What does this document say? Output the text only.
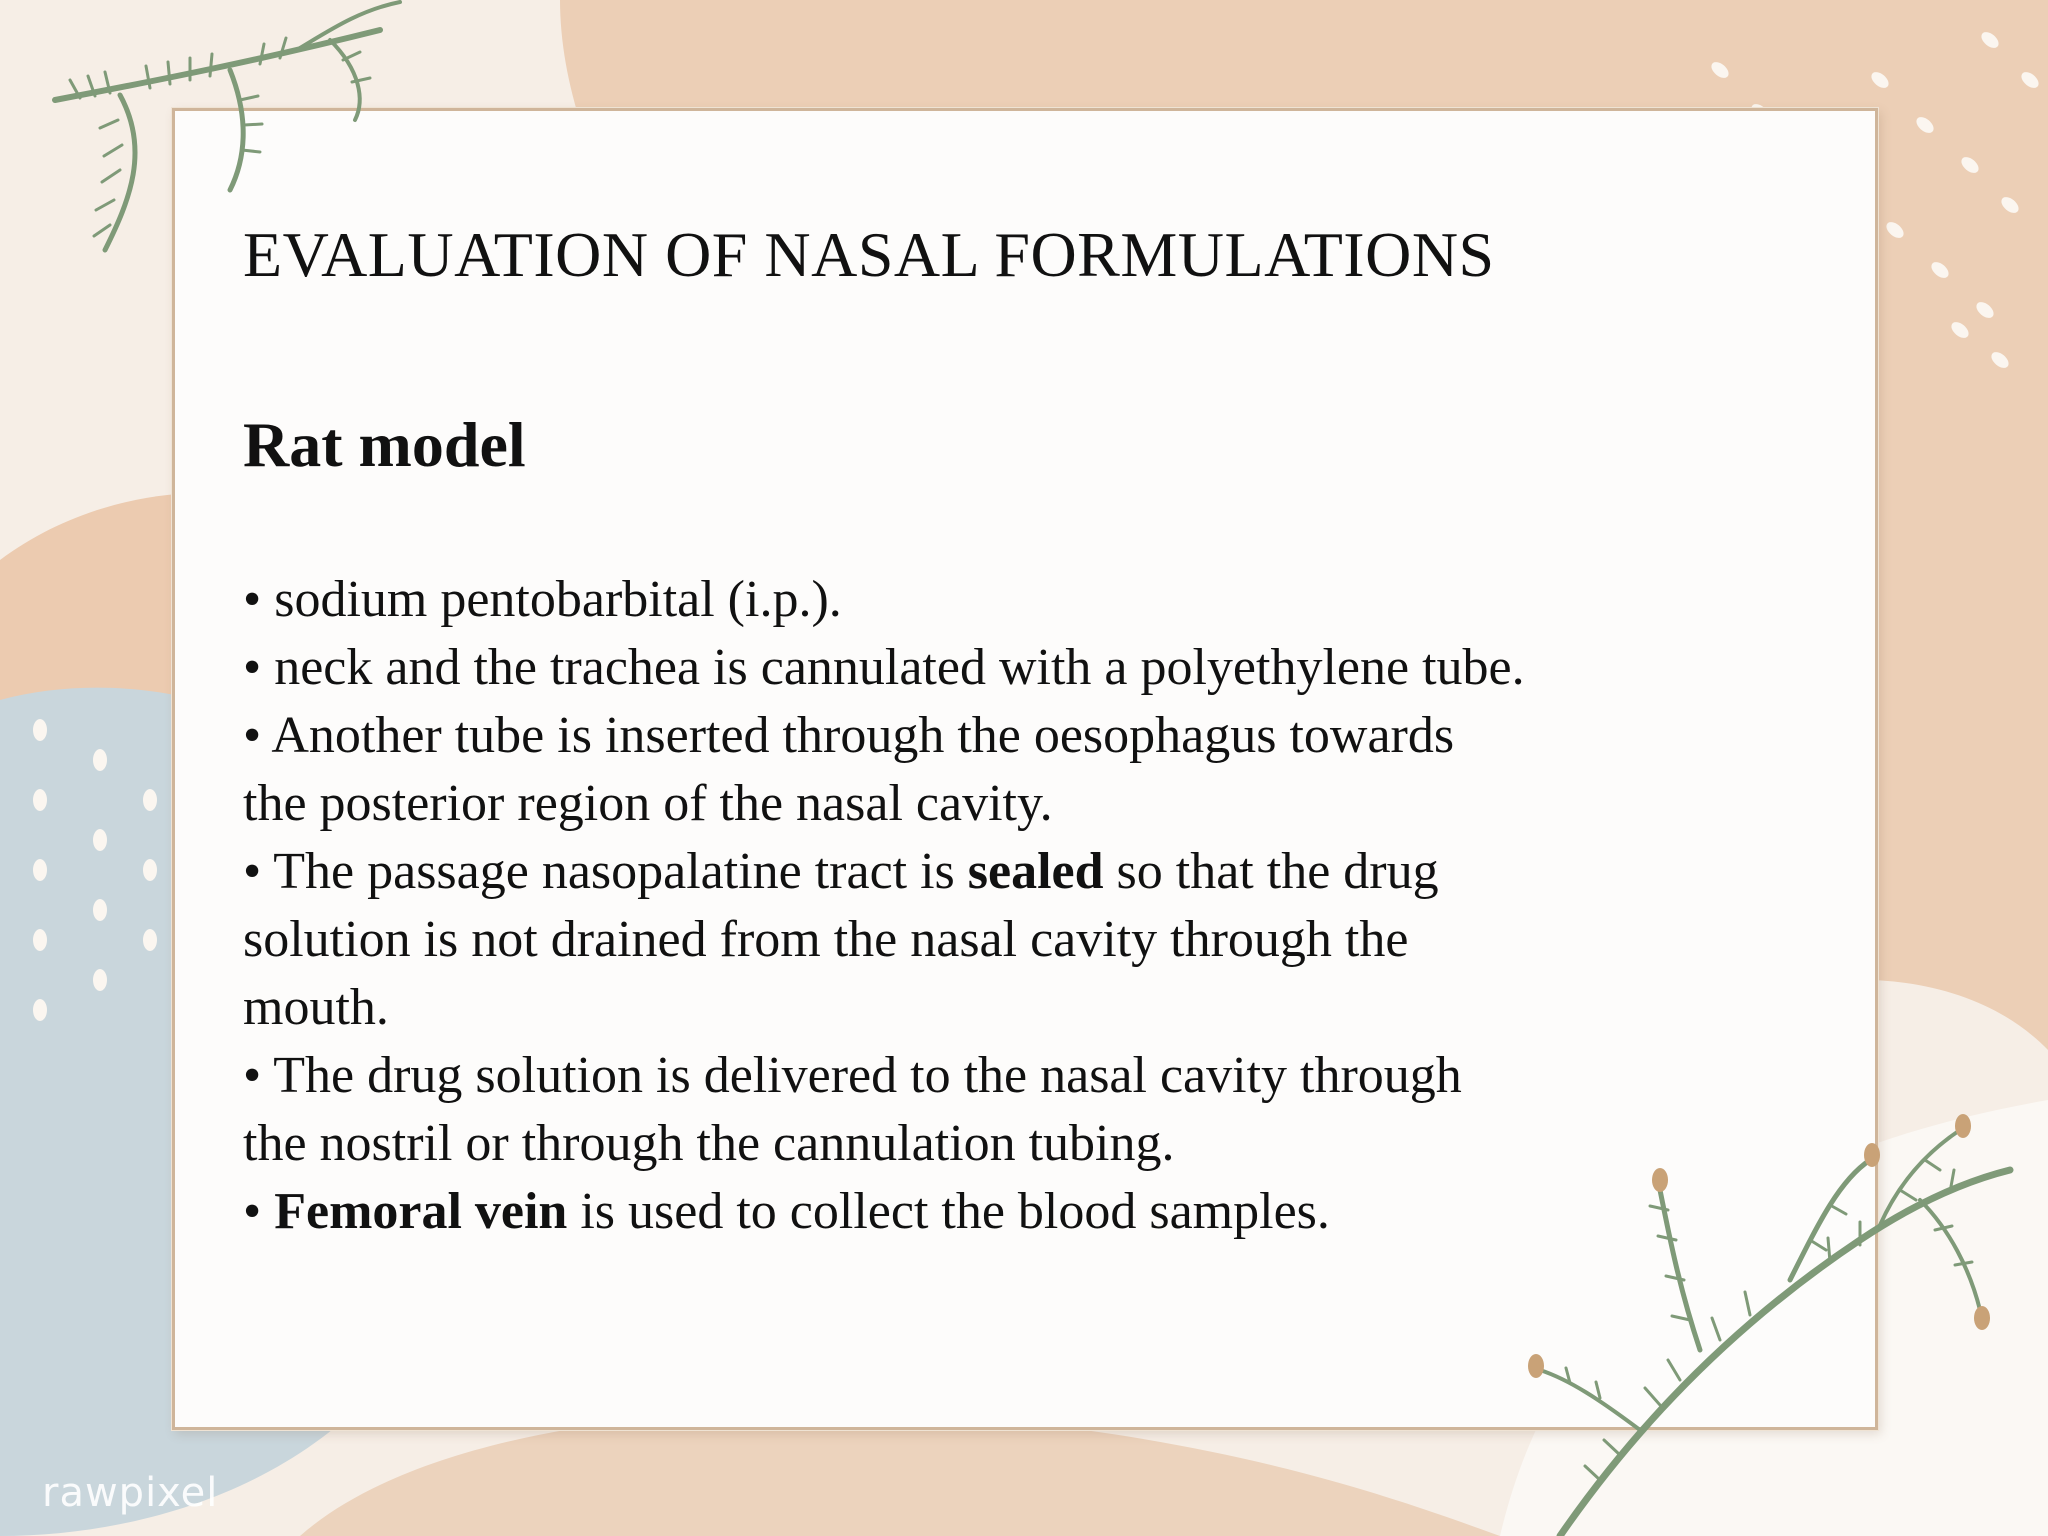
EVALUATION OF NASAL FORMULATIONS
Rat model
• sodium pentobarbital (i.p.).
• neck and the trachea is cannulated with a polyethylene tube.
• Another tube is inserted through the oesophagus towards
the posterior region of the nasal cavity.
• The passage nasopalatine tract is sealed so that the drug
solution is not drained from the nasal cavity through the
mouth.
• The drug solution is delivered to the nasal cavity through
the nostril or through the cannulation tubing.
• Femoral vein is used to collect the blood samples.
rawpixel
